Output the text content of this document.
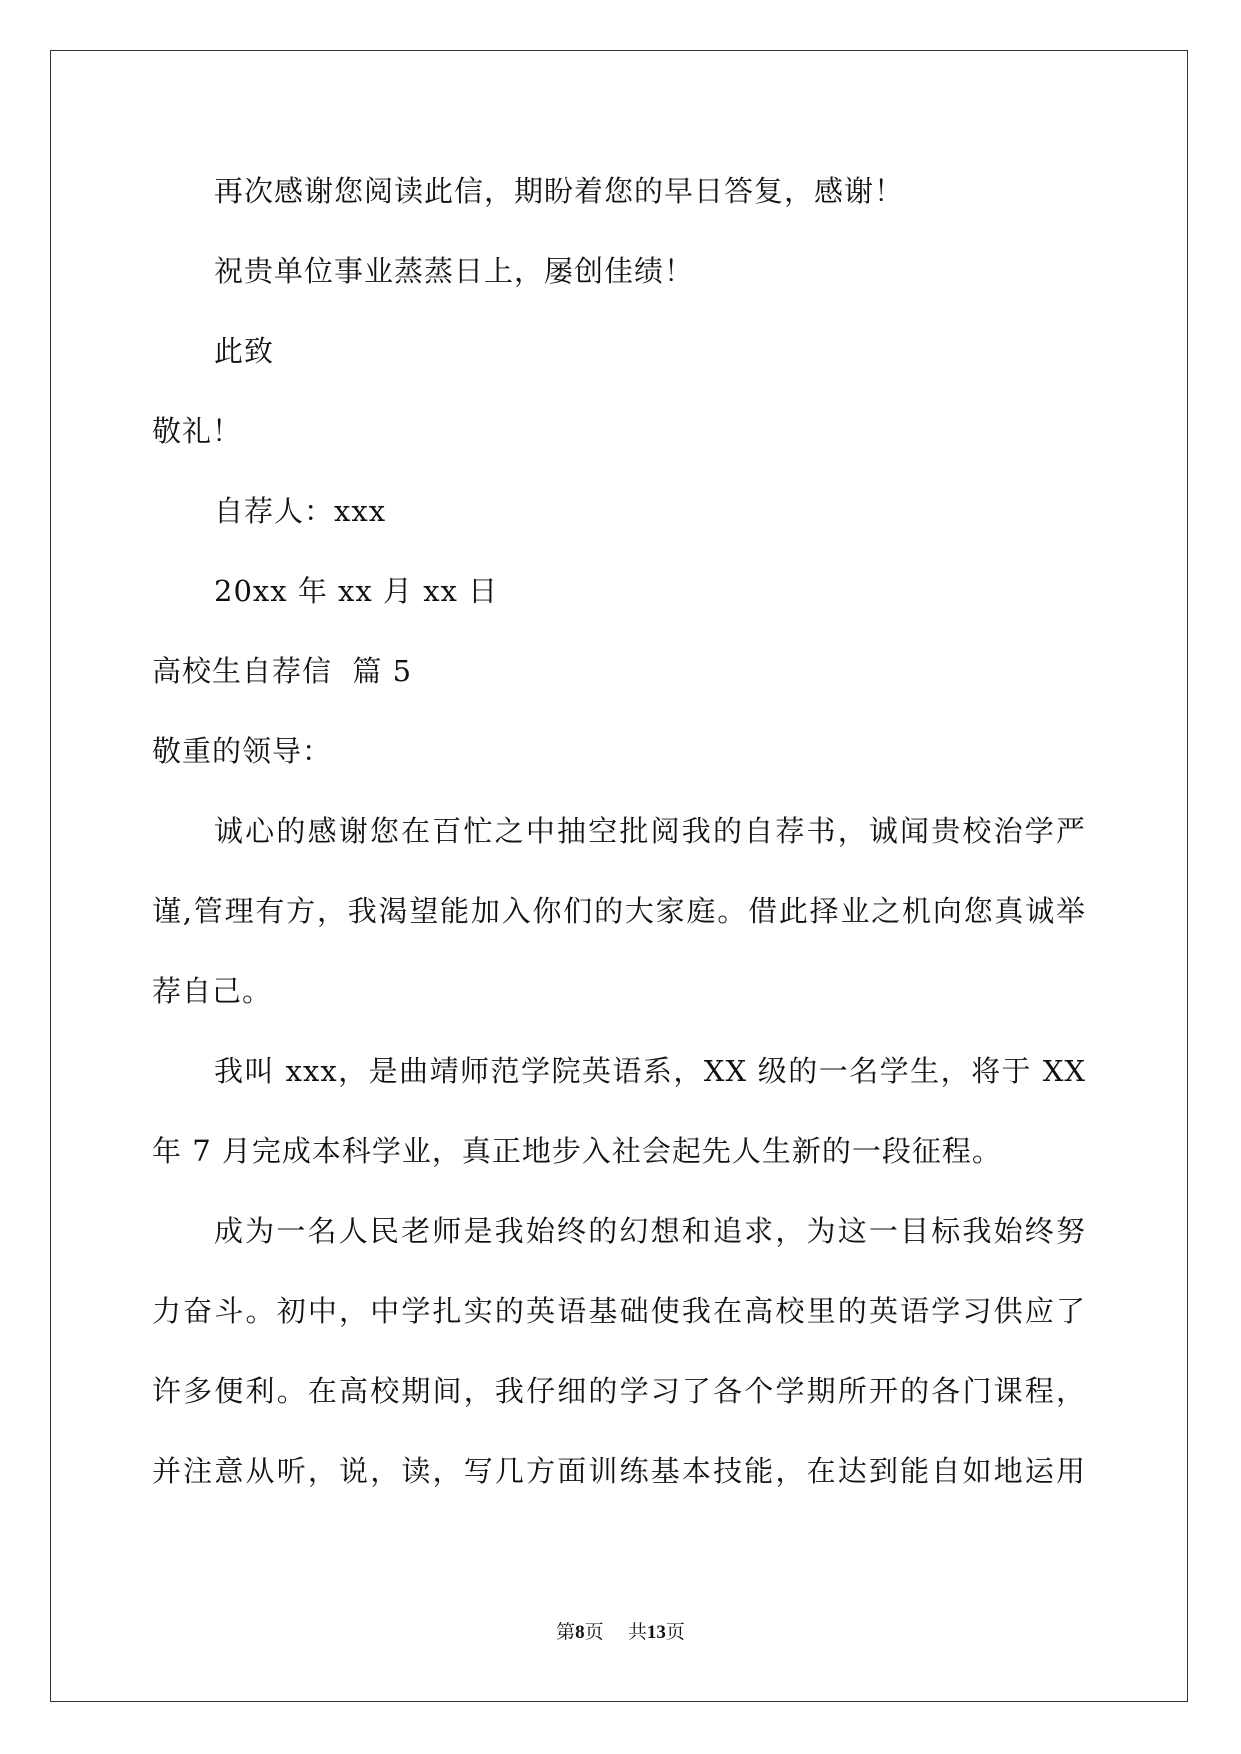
再次感谢您阅读此信，期盼着您的早日答复，感谢！
祝贵单位事业蒸蒸日上，屡创佳绩！
此致
敬礼！
自荐人：xxx
20xx 年 xx 月 xx 日
高校生自荐信  篇 5
敬重的领导：
诚心的感谢您在百忙之中抽空批阅我的自荐书，诚闻贵校治学严
谨,管理有方，我渴望能加入你们的大家庭。借此择业之机向您真诚举
荐自己。
我叫 xxx，是曲靖师范学院英语系，XX 级的一名学生，将于 XX
年 7 月完成本科学业，真正地步入社会起先人生新的一段征程。
成为一名人民老师是我始终的幻想和追求，为这一目标我始终努
力奋斗。初中，中学扎实的英语基础使我在高校里的英语学习供应了
许多便利。在高校期间，我仔细的学习了各个学期所开的各门课程，
并注意从听，说，读，写几方面训练基本技能，在达到能自如地运用
第8页    共13页
